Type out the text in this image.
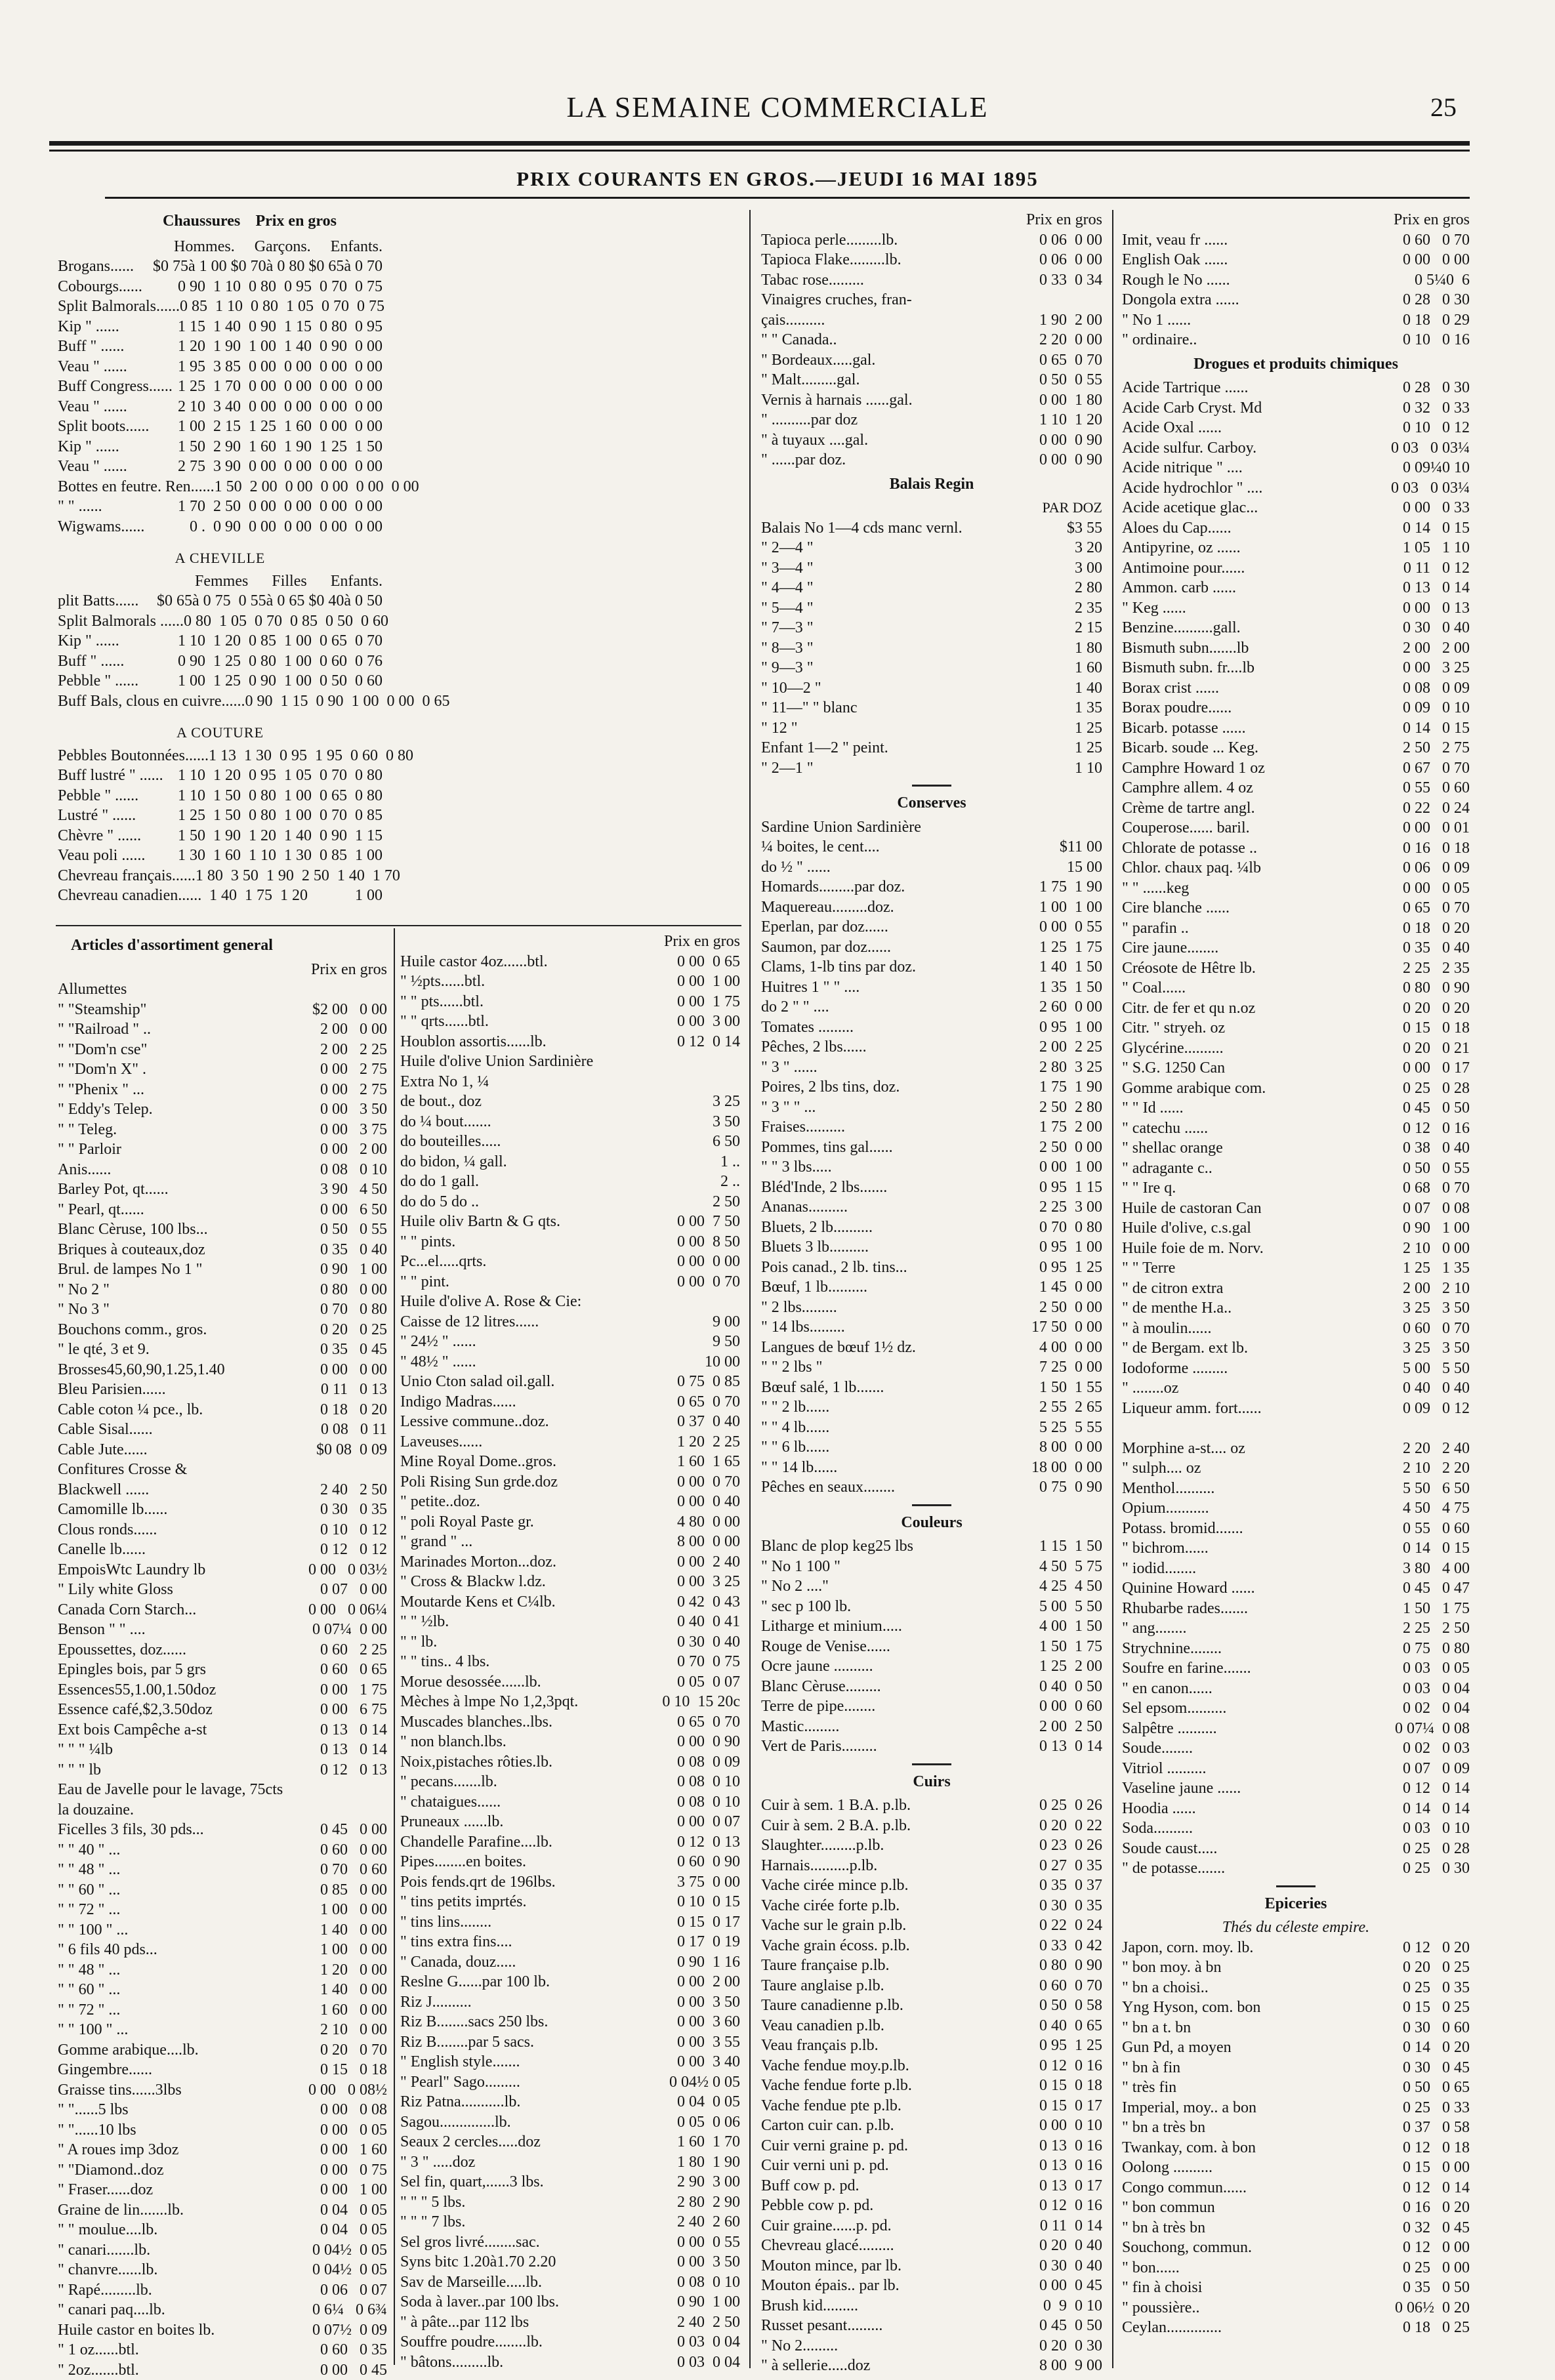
LA SEMAINE COMMERCIALE	25
PRIX COURANTS EN GROS.—JEUDI 16 MAI 1895
Chaussures Prix en gros
Hommes.     Garçons.     Enfants.
Brogans......	$0 75à 1 00 $0 70à 0 80 $0 65à 0 70
Cobourgs......	0 90  1 10  0 80  0 95  0 70  0 75
Split Balmorals...... 0 85  1 10  0 80  1 05  0 70  0 75
Kip " ......	1 15  1 40  0 90  1 15  0 80  0 95
Buff " ......	1 20  1 90  1 00  1 40  0 90  0 00
Veau " ......	1 95  3 85  0 00  0 00  0 00  0 00
Buff Congress...... 1 25  1 70  0 00  0 00  0 00  0 00
Veau " ......	2 10  3 40  0 00  0 00  0 00  0 00
Split boots......	1 00  2 15  1 25  1 60  0 00  0 00
Kip " ......	1 50  2 90  1 60  1 90  1 25  1 50
Veau " ......	2 75  3 90  0 00  0 00  0 00  0 00
Bottes en feutre. Ren...... 1 50  2 00  0 00  0 00  0 00  0 00
" " ......	1 70  2 50  0 00  0 00  0 00  0 00
Wigwams......	0 .  0 90  0 00  0 00  0 00  0 00
A CHEVILLE
Femmes      Filles      Enfants.
plit Batts......	$0 65à 0 75  0 55à 0 65 $0 40à 0 50
Split Balmorals ...... 0 80  1 05  0 70  0 85  0 50  0 60
Kip " ......	1 10  1 20  0 85  1 00  0 65  0 70
Buff " ......	0 90  1 25  0 80  1 00  0 60  0 76
Pebble " ......	1 00  1 25  0 90  1 00  0 50  0 60
Buff Bals, clous en cuivre...... 0 90  1 15  0 90  1 00  0 00  0 65
A COUTURE
Pebbles Boutonnées...... 1 13  1 30  0 95  1 95  0 60  0 80
Buff lustré " ...... 1 10  1 20  0 95  1 05  0 70  0 80
Pebble " ......	1 10  1 50  0 80  1 00  0 65  0 80
Lustré " ......	1 25  1 50  0 80  1 00  0 70  0 85
Chèvre " ......	1 50  1 90  1 20  1 40  0 90  1 15
Veau poli ......	1 30  1 60  1 10  1 30  0 85  1 00
Chevreau français...... 1 80  3 50  1 90  2 50  1 40  1 70
Chevreau canadien...... 1 40  1 75  1 20            1 00
Articles d'assortiment general
Prix en gros
Allumettes
" "Steamship"	$2 00   0 00
" "Railroad " ..	2 00   0 00
" "Dom'n cse"	2 00   2 25
" "Dom'n X" .	0 00   2 75
" "Phenix " ...	0 00   2 75
" Eddy's Telep.	0 00   3 50
" " Teleg.	0 00   3 75
" " Parloir	0 00   2 00
Anis......	0 08   0 10
Barley Pot, qt......	3 90   4 50
" Pearl, qt......	0 00   6 50
Blanc Cèruse, 100 lbs...	0 50   0 55
Briques à couteaux,doz	0 35   0 40
Brul. de lampes No 1 "	0 90   1 00
" No 2 "	0 80   0 00
" No 3 "	0 70   0 80
Bouchons comm., gros.	0 20   0 25
" le qté, 3 et 9.	0 35   0 45
Brosses45,60,90,1.25,1.40	0 00   0 00
Bleu Parisien......	0 11   0 13
Cable coton ¼ pce., lb.	0 18   0 20
Cable Sisal......	0 08   0 11
Cable Jute......	$0 08  0 09
Confitures Crosse &
Blackwell ......	2 40   2 50
Camomille lb......	0 30   0 35
Clous ronds......	0 10   0 12
Canelle lb......	0 12   0 12
EmpoisWtc Laundry lb	0 00   0 03½
" Lily white Gloss	0 07   0 00
Canada Corn Starch...	0 00   0 06¼
Benson " " ....	0 07¼  0 00
Epoussettes, doz......	0 60   2 25
Epingles bois, par 5 grs	0 60   0 65
Essences55,1.00,1.50doz	0 00   1 75
Essence café,$2,3.50doz	0 00   6 75
Ext bois Campêche a-st	0 13   0 14
" " " ¼lb	0 13   0 14
" " " lb	0 12   0 13
Eau de Javelle pour le lavage, 75cts
la douzaine.
Ficelles 3 fils, 30 pds...	0 45   0 00
" " 40 " ...	0 60   0 00
" " 48 " ...	0 70   0 60
" " 60 " ...	0 85   0 00
" " 72 " ...	1 00   0 00
" " 100 " ...	1 40   0 00
" 6 fils 40 pds...	1 00   0 00
" " 48 " ...	1 20   0 00
" " 60 " ...	1 40   0 00
" " 72 " ...	1 60   0 00
" " 100 " ...	2 10   0 00
Gomme arabique....lb.	0 20   0 70
Gingembre......	0 15   0 18
Graisse tins......3lbs	0 00   0 08½
" "......5 lbs	0 00   0 08
" "......10 lbs	0 00   0 05
" A roues imp 3doz	0 00   1 60
" "Diamond..doz	0 00   0 75
" Fraser......doz	0 00   1 00
Graine de lin.......lb.	0 04   0 05
" " moulue....lb.	0 04   0 05
" canari.......lb.	0 04½  0 05
" chanvre......lb.	0 04½  0 05
" Rapé.........lb.	0 06   0 07
" canari paq....lb.	0 6¼   0 6¾
Huile castor en boites lb.	0 07½  0 09
" 1 oz......btl.	0 60   0 35
" 2oz.......btl.	0 00   0 45
Prix en gros
Huile castor 4oz......btl.	0 00  0 65
" ½pts......btl.	0 00  1 00
" " pts......btl.	0 00  1 75
" " qrts......btl.	0 00  3 00
Houblon assortis......lb.	0 12  0 14
Huile d'olive Union Sardinière
Extra No 1, ¼
de bout., doz	3 25
do ¼ bout.......	3 50
do bouteilles.....	6 50
do bidon, ¼ gall.	1 ..
do do 1 gall.	2 ..
do do 5 do ..	2 50
Huile oliv Bartn & G qts.	0 00  7 50
" " pints.	0 00  8 50
Pc...el.....qrts.	0 00  0 00
" " pint.	0 00  0 70
Huile d'olive A. Rose & Cie:
Caisse de 12 litres......	9 00
" 24½ " ......	9 50
" 48½ " ......	10 00
Unio Cton salad oil.gall.	0 75  0 85
Indigo Madras......	0 65  0 70
Lessive commune..doz.	0 37  0 40
Laveuses......	1 20  2 25
Mine Royal Dome..gros.	1 60  1 65
Poli Rising Sun grde.doz	0 00  0 70
" petite..doz.	0 00  0 40
" poli Royal Paste gr.	4 80  0 00
" grand " ...	8 00  0 00
Marinades Morton...doz.	0 00  2 40
" Cross & Blackw l.dz.	0 00  3 25
Moutarde Kens et C¼lb.	0 42  0 43
" " ½lb.	0 40  0 41
" " lb.	0 30  0 40
" " tins.. 4 lbs.	0 70  0 75
Morue desossée......lb.	0 05  0 07
Mèches à lmpe No 1,2,3pqt.	0 10  15 20c
Muscades blanches..lbs.	0 65  0 70
" non blanch.lbs.	0 00  0 90
Noix,pistaches rôties.lb.	0 08  0 09
" pecans.......lb.	0 08  0 10
" chataigues......	0 08  0 10
Pruneaux ......lb.	0 00  0 07
Chandelle Parafine....lb.	0 12  0 13
Pipes........en boites.	0 60  0 90
Pois fends.qrt de 196lbs.	3 75  0 00
" tins petits imprtés.	0 10  0 15
" tins lins........	0 15  0 17
" tins extra fins....	0 17  0 19
" Canada, douz.....	0 90  1 16
Reslne G......par 100 lb.	0 00  2 00
Riz J..........	0 00  3 50
Riz B........sacs 250 lbs.	0 00  3 60
Riz B........par 5 sacs.	0 00  3 55
" English style.......	0 00  3 40
" Pearl" Sago.........	0 04½ 0 05
Riz Patna...........lb.	0 04  0 05
Sagou..............lb.	0 05  0 06
Seaux 2 cercles.....doz	1 60  1 70
" 3 " .....doz	1 80  1 90
Sel fin, quart,......3 lbs.	2 90  3 00
" " " 5 lbs.	2 80  2 90
" " " 7 lbs.	2 40  2 60
Sel gros livré........sac.	0 00  0 55
Syns bitc 1.20à1.70 2.20	0 00  3 50
Sav de Marseille.....lb.	0 08  0 10
Soda à laver..par 100 lbs.	0 90  1 00
" à pâte...par 112 lbs	2 40  2 50
Souffre poudre........lb.	0 03  0 04
" bâtons.........lb.	0 03  0 04
Prix en gros
Tapioca perle.........lb.	0 06  0 00
Tapioca Flake.........lb.	0 06  0 00
Tabac rose.........	0 33  0 34
Vinaigres cruches, fran-
çais..........	1 90  2 00
" " Canada..	2 20  0 00
" Bordeaux.....gal.	0 65  0 70
" Malt.........gal.	0 50  0 55
Vernis à harnais ......gal.	0 00  1 80
" ..........par doz	1 10  1 20
" à tuyaux ....gal.	0 00  0 90
" ......par doz.	0 00  0 90
Balais Regin
PAR DOZ
Balais No 1—4 cds manc vernl.	$3 55
" 2—4 "	3 20
" 3—4 "	3 00
" 4—4 "	2 80
" 5—4 "	2 35
" 7—3 "	2 15
" 8—3 "	1 80
" 9—3 "	1 60
" 10—2 "	1 40
" 11—" " blanc	1 35
" 12 "	1 25
Enfant 1—2 " peint.	1 25
" 2—1 "	1 10
Conserves
Sardine Union Sardinière
¼ boites, le cent....	$11 00
do ½ " ......	15 00
Homards.........par doz.	1 75  1 90
Maquereau.........doz.	1 00  1 00
Eperlan, par doz......	0 00  0 55
Saumon, par doz......	1 25  1 75
Clams, 1-lb tins par doz.	1 40  1 50
Huitres 1 " " ....	1 35  1 50
do 2 " " ....	2 60  0 00
Tomates .........	0 95  1 00
Pêches, 2 lbs......	2 00  2 25
" 3 " ......	2 80  3 25
Poires, 2 lbs tins, doz.	1 75  1 90
" 3 " " ...	2 50  2 80
Fraises..........	1 75  2 00
Pommes, tins gal......	2 50  0 00
" " 3 lbs.....	0 00  1 00
Bléd'Inde, 2 lbs.......	0 95  1 15
Ananas..........	2 25  3 00
Bluets, 2 lb..........	0 70  0 80
Bluets 3 lb..........	0 95  1 00
Pois canad., 2 lb. tins...	0 95  1 25
Bœuf, 1 lb..........	1 45  0 00
" 2 lbs.........	2 50  0 00
" 14 lbs.........	17 50  0 00
Langues de bœuf 1½ dz.	4 00  0 00
" " 2 lbs "	7 25  0 00
Bœuf salé, 1 lb.......	1 50  1 55
" " 2 lb......	2 55  2 65
" " 4 lb......	5 25  5 55
" " 6 lb......	8 00  0 00
" " 14 lb......	18 00  0 00
Pêches en seaux........	0 75  0 90
Couleurs
Blanc de plop keg25 lbs	1 15  1 50
" No 1 100 "	4 50  5 75
" No 2 ...."	4 25  4 50
" sec p 100 lb.	5 00  5 50
Litharge et minium.....	4 00  1 50
Rouge de Venise......	1 50  1 75
Ocre jaune ..........	1 25  2 00
Blanc Cèruse.........	0 40  0 50
Terre de pipe........	0 00  0 60
Mastic.........	2 00  2 50
Vert de Paris.........	0 13  0 14
Cuirs
Cuir à sem. 1 B.A. p.lb.	0 25  0 26
Cuir à sem. 2 B.A. p.lb.	0 20  0 22
Slaughter.........p.lb.	0 23  0 26
Harnais..........p.lb.	0 27  0 35
Vache cirée mince p.lb.	0 35  0 37
Vache cirée forte p.lb.	0 30  0 35
Vache sur le grain p.lb.	0 22  0 24
Vache grain écoss. p.lb.	0 33  0 42
Taure française p.lb.	0 80  0 90
Taure anglaise p.lb.	0 60  0 70
Taure canadienne p.lb.	0 50  0 58
Veau canadien p.lb.	0 40  0 65
Veau français p.lb.	0 95  1 25
Vache fendue moy.p.lb.	0 12  0 16
Vache fendue forte p.lb.	0 15  0 18
Vache fendue pte p.lb.	0 15  0 17
Carton cuir can. p.lb.	0 00  0 10
Cuir verni graine p. pd.	0 13  0 16
Cuir verni uni p. pd.	0 13  0 16
Buff cow p. pd.	0 13  0 17
Pebble cow p. pd.	0 12  0 16
Cuir graine......p. pd.	0 11  0 14
Chevreau glacé.........	0 20  0 40
Mouton mince, par lb.	0 30  0 40
Mouton épais.. par lb.	0 00  0 45
Brush kid.........	0  9  0 10
Russet pesant.........	0 45  0 50
" No 2.........	0 20  0 30
" à sellerie.....doz	8 00  9 00
Prix en gros
Imit, veau fr ......	0 60   0 70
English Oak ......	0 00   0 00
Rough le No ......	0 5¼0  6
Dongola extra ......	0 28   0 30
" No 1 ......	0 18   0 29
" ordinaire..	0 10   0 16
Drogues et produits chimiques
Acide Tartrique ......	0 28   0 30
Acide Carb Cryst. Md	0 32   0 33
Acide Oxal ......	0 10   0 12
Acide sulfur. Carboy.	0 03   0 03¼
Acide nitrique " ....	0 09¼0 10
Acide hydrochlor " ....	0 03   0 03¼
Acide acetique glac...	0 00   0 33
Aloes du Cap......	0 14   0 15
Antipyrine, oz ......	1 05   1 10
Antimoine pour......	0 11   0 12
Ammon. carb ......	0 13   0 14
" Keg ......	0 00   0 13
Benzine..........gall.	0 30   0 40
Bismuth subn.......lb	2 00   2 00
Bismuth subn. fr....lb	0 00   3 25
Borax crist ......	0 08   0 09
Borax poudre......	0 09   0 10
Bicarb. potasse ......	0 14   0 15
Bicarb. soude ... Keg.	2 50   2 75
Camphre Howard 1 oz	0 67   0 70
Camphre allem. 4 oz	0 55   0 60
Crème de tartre angl.	0 22   0 24
Couperose...... baril.	0 00   0 01
Chlorate de potasse ..	0 16   0 18
Chlor. chaux paq. ¼lb	0 06   0 09
" " ......keg	0 00   0 05
Cire blanche ......	0 65   0 70
" parafin ..	0 18   0 20
Cire jaune........	0 35   0 40
Créosote de Hêtre lb.	2 25   2 35
" Coal......	0 80   0 90
Citr. de fer et qu n.oz	0 20   0 20
Citr. " stryeh. oz	0 15   0 18
Glycérine..........	0 20   0 21
" S.G. 1250 Can	0 00   0 17
Gomme arabique com.	0 25   0 28
" " Id ......	0 45   0 50
" catechu ......	0 12   0 16
" shellac orange	0 38   0 40
" adragante c..	0 50   0 55
" " Ire q.	0 68   0 70
Huile de castoran Can	0 07   0 08
Huile d'olive, c.s.gal	0 90   1 00
Huile foie de m. Norv.	2 10   0 00
" " Terre	1 25   1 35
" de citron extra	2 00   2 10
" de menthe H.a..	3 25   3 50
" à moulin......	0 60   0 70
" de Bergam. ext lb.	3 25   3 50
Iodoforme .........	5 00   5 50
" ........oz	0 40   0 40
Liqueur amm. fort......	0 09   0 12
Morphine a-st.... oz	2 20   2 40
" sulph.... oz	2 10   2 20
Menthol..........	5 50   6 50
Opium...........	4 50   4 75
Potass. bromid.......	0 55   0 60
" bichrom......	0 14   0 15
" iodid........	3 80   4 00
Quinine Howard ......	0 45   0 47
Rhubarbe rades.......	1 50   1 75
" ang........	2 25   2 50
Strychnine........	0 75   0 80
Soufre en farine.......	0 03   0 05
" en canon......	0 03   0 04
Sel epsom..........	0 02   0 04
Salpêtre ..........	0 07¼  0 08
Soude........	0 02   0 03
Vitriol ..........	0 07   0 09
Vaseline jaune ......	0 12   0 14
Hoodia ......	0 14   0 14
Soda..........	0 03   0 10
Soude caust.....	0 25   0 28
" de potasse.......	0 25   0 30
Epiceries
Thés du céleste empire.
Japon, corn. moy. lb.	0 12   0 20
" bon moy. à bn	0 20   0 25
" bn a choisi..	0 25   0 35
Yng Hyson, com. bon	0 15   0 25
" bn a t. bn	0 30   0 60
Gun Pd, a moyen	0 14   0 20
" bn à fin	0 30   0 45
" très fin	0 50   0 65
Imperial, moy.. a bon	0 25   0 33
" bn a très bn	0 37   0 58
Twankay, com. à bon	0 12   0 18
Oolong ..........	0 15   0 00
Congo commun......	0 12   0 14
" bon commun	0 16   0 20
" bn à très bn	0 32   0 45
Souchong, commun.	0 12   0 00
" bon......	0 25   0 00
" fin à choisi	0 35   0 50
" poussière..	0 06½  0 20
Ceylan..............	0 18   0 25
